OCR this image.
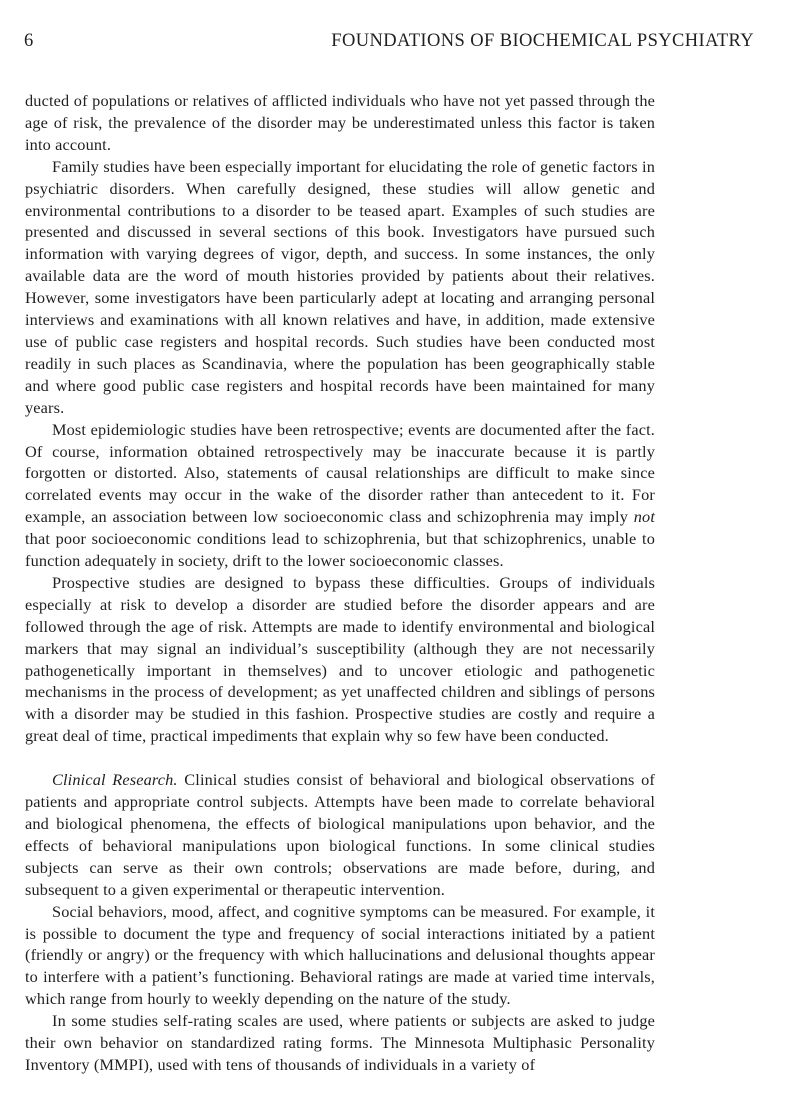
6	FOUNDATIONS OF BIOCHEMICAL PSYCHIATRY

ducted of populations or relatives of afflicted individuals who have not yet passed through the age of risk, the prevalence of the disorder may be underestimated unless this factor is taken into account.

Family studies have been especially important for elucidating the role of genetic factors in psychiatric disorders. When carefully designed, these studies will allow genetic and environmental contributions to a disorder to be teased apart. Examples of such studies are presented and discussed in several sections of this book. Investigators have pursued such information with varying degrees of vigor, depth, and success. In some instances, the only available data are the word of mouth histories provided by patients about their relatives. However, some investigators have been particularly adept at locating and arranging personal interviews and examinations with all known relatives and have, in addition, made extensive use of public case registers and hospital records. Such studies have been conducted most readily in such places as Scandinavia, where the population has been geographically stable and where good public case registers and hospital records have been maintained for many years.

Most epidemiologic studies have been retrospective; events are documented after the fact. Of course, information obtained retrospectively may be inaccurate because it is partly forgotten or distorted. Also, statements of causal relationships are difficult to make since correlated events may occur in the wake of the disorder rather than antecedent to it. For example, an association between low socioeconomic class and schizophrenia may imply not that poor socioeconomic conditions lead to schizophrenia, but that schizophrenics, unable to function adequately in society, drift to the lower socioeconomic classes.

Prospective studies are designed to bypass these difficulties. Groups of individuals especially at risk to develop a disorder are studied before the disorder appears and are followed through the age of risk. Attempts are made to identify environmental and biological markers that may signal an individual’s susceptibility (although they are not necessarily pathogenetically important in themselves) and to uncover etiologic and pathogenetic mechanisms in the process of development; as yet unaffected children and siblings of persons with a disorder may be studied in this fashion. Prospective studies are costly and require a great deal of time, practical impediments that explain why so few have been conducted.

Clinical Research. Clinical studies consist of behavioral and biological observations of patients and appropriate control subjects. Attempts have been made to correlate behavioral and biological phenomena, the effects of biological manipulations upon behavior, and the effects of behavioral manipulations upon biological functions. In some clinical studies subjects can serve as their own controls; observations are made before, during, and subsequent to a given experimental or therapeutic intervention.

Social behaviors, mood, affect, and cognitive symptoms can be measured. For example, it is possible to document the type and frequency of social interactions initiated by a patient (friendly or angry) or the frequency with which hallucinations and delusional thoughts appear to interfere with a patient’s functioning. Behavioral ratings are made at varied time intervals, which range from hourly to weekly depending on the nature of the study.

In some studies self-rating scales are used, where patients or subjects are asked to judge their own behavior on standardized rating forms. The Minnesota Multiphasic Personality Inventory (MMPI), used with tens of thousands of individuals in a variety of
